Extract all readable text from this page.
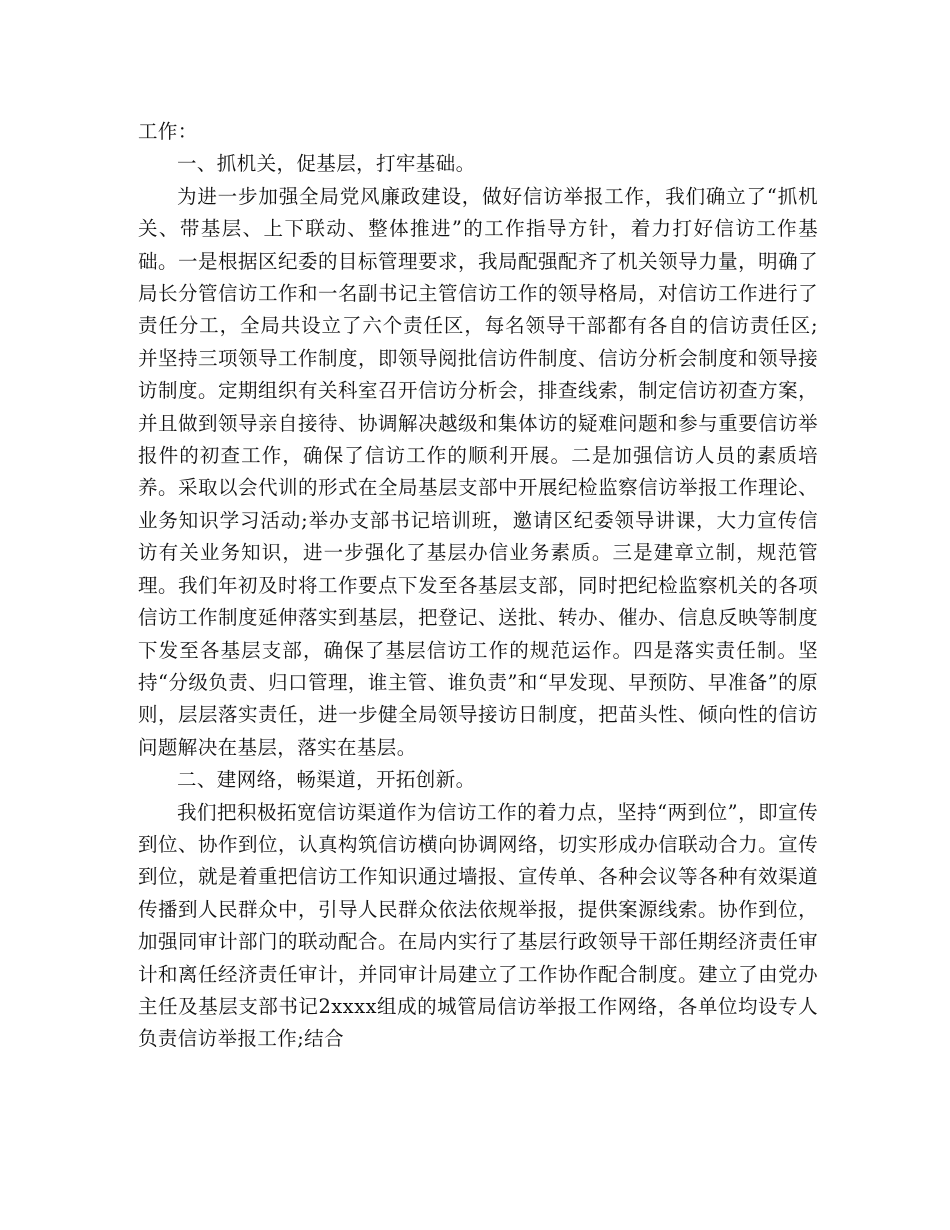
工作：

一、抓机关，促基层，打牢基础。

为进一步加强全局党风廉政建设，做好信访举报工作，我们确立了“抓机关、带基层、上下联动、整体推进”的工作指导方针，着力打好信访工作基础。一是根据区纪委的目标管理要求，我局配强配齐了机关领导力量，明确了局长分管信访工作和一名副书记主管信访工作的领导格局，对信访工作进行了责任分工，全局共设立了六个责任区，每名领导干部都有各自的信访责任区;并坚持三项领导工作制度，即领导阅批信访件制度、信访分析会制度和领导接访制度。定期组织有关科室召开信访分析会，排查线索，制定信访初查方案，并且做到领导亲自接待、协调解决越级和集体访的疑难问题和参与重要信访举报件的初查工作，确保了信访工作的顺利开展。二是加强信访人员的素质培养。采取以会代训的形式在全局基层支部中开展纪检监察信访举报工作理论、业务知识学习活动;举办支部书记培训班，邀请区纪委领导讲课，大力宣传信访有关业务知识，进一步强化了基层办信业务素质。三是建章立制，规范管理。我们年初及时将工作要点下发至各基层支部，同时把纪检监察机关的各项信访工作制度延伸落实到基层，把登记、送批、转办、催办、信息反映等制度下发至各基层支部，确保了基层信访工作的规范运作。四是落实责任制。坚持“分级负责、归口管理，谁主管、谁负责”和“早发现、早预防、早准备”的原则，层层落实责任，进一步健全局领导接访日制度，把苗头性、倾向性的信访问题解决在基层，落实在基层。

二、建网络，畅渠道，开拓创新。

我们把积极拓宽信访渠道作为信访工作的着力点，坚持“两到位”，即宣传到位、协作到位，认真构筑信访横向协调网络，切实形成办信联动合力。宣传到位，就是着重把信访工作知识通过墙报、宣传单、各种会议等各种有效渠道传播到人民群众中，引导人民群众依法依规举报，提供案源线索。协作到位，加强同审计部门的联动配合。在局内实行了基层行政领导干部任期经济责任审计和离任经济责任审计，并同审计局建立了工作协作配合制度。建立了由党办主任及基层支部书记2xxxx组成的城管局信访举报工作网络，各单位均设专人负责信访举报工作;结合
